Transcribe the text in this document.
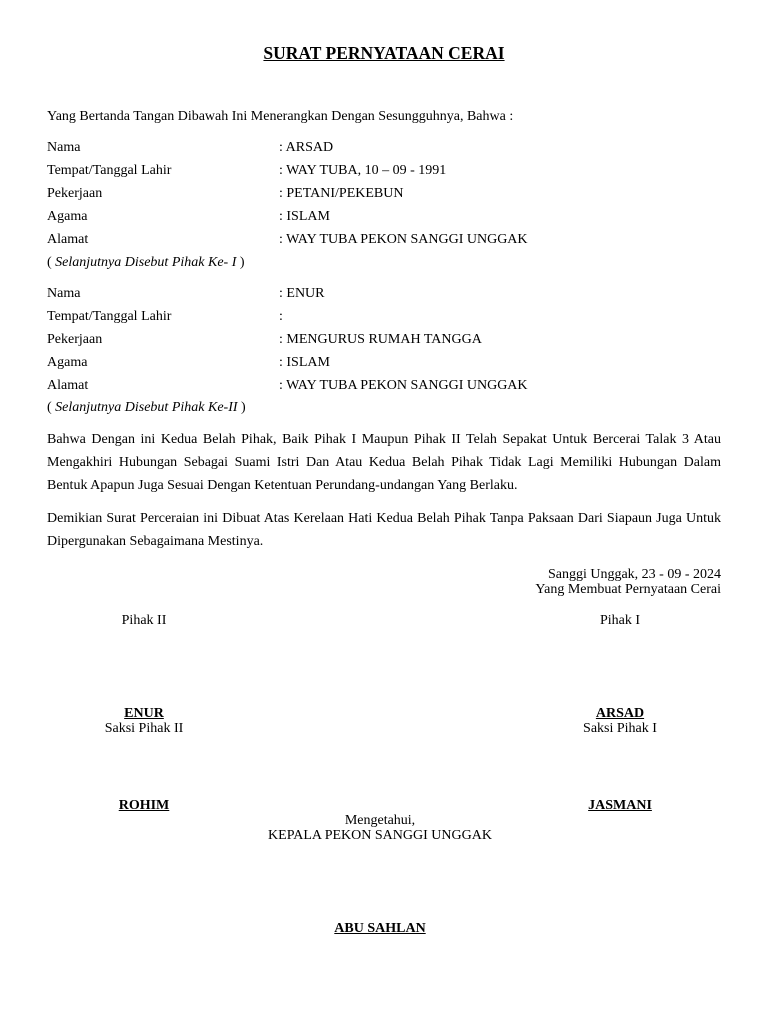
SURAT PERNYATAAN CERAI
Yang Bertanda Tangan Dibawah Ini Menerangkan Dengan Sesungguhnya, Bahwa :
Nama	: ARSAD
Tempat/Tanggal Lahir	: WAY TUBA, 10 – 09 - 1991
Pekerjaan	: PETANI/PEKEBUN
Agama	: ISLAM
Alamat	: WAY TUBA PEKON SANGGI UNGGAK
( Selanjutnya Disebut Pihak Ke- I )
Nama	: ENUR
Tempat/Tanggal Lahir	:
Pekerjaan	: MENGURUS RUMAH TANGGA
Agama	: ISLAM
Alamat	: WAY TUBA PEKON SANGGI UNGGAK
( Selanjutnya Disebut Pihak Ke-II )
Bahwa Dengan ini Kedua Belah Pihak, Baik Pihak I Maupun Pihak II Telah Sepakat Untuk Bercerai Talak 3 Atau Mengakhiri Hubungan Sebagai Suami Istri Dan Atau Kedua Belah Pihak Tidak Lagi Memiliki Hubungan Dalam Bentuk Apapun Juga Sesuai Dengan Ketentuan Perundang-undangan Yang Berlaku.
Demikian Surat Perceraian ini Dibuat Atas Kerelaan Hati Kedua Belah Pihak Tanpa Paksaan Dari Siapaun Juga Untuk Dipergunakan Sebagaimana Mestinya.
Sanggi Unggak, 23 - 09 - 2024
Yang Membuat Pernyataan Cerai
Pihak II	Pihak I
ENUR
Saksi Pihak II
ARSAD
Saksi Pihak I
ROHIM	JASMANI
Mengetahui,
KEPALA PEKON SANGGI UNGGAK
ABU SAHLAN
